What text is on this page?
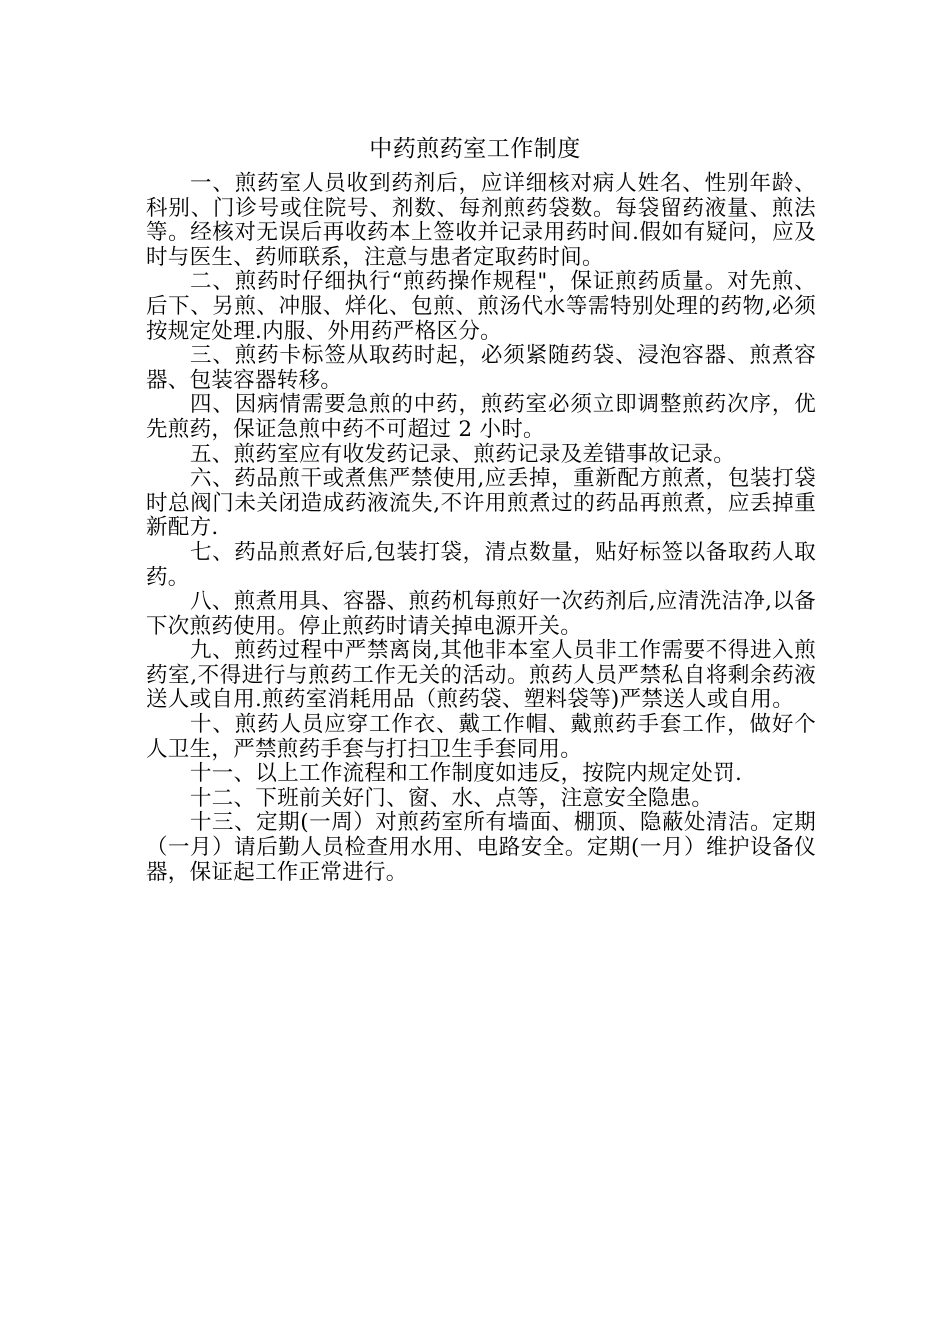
中药煎药室工作制度

一、煎药室人员收到药剂后，应详细核对病人姓名、性别年龄、科别、门诊号或住院号、剂数、每剂煎药袋数。每袋留药液量、煎法等。经核对无误后再收药本上签收并记录用药时间.假如有疑问，应及时与医生、药师联系，注意与患者定取药时间。

二、煎药时仔细执行“煎药操作规程"，保证煎药质量。对先煎、后下、另煎、冲服、烊化、包煎、煎汤代水等需特别处理的药物,必须按规定处理.内服、外用药严格区分。

三、煎药卡标签从取药时起，必须紧随药袋、浸泡容器、煎煮容器、包装容器转移。

四、因病情需要急煎的中药，煎药室必须立即调整煎药次序，优先煎药，保证急煎中药不可超过 2 小时。

五、煎药室应有收发药记录、煎药记录及差错事故记录。

六、药品煎干或煮焦严禁使用,应丢掉，重新配方煎煮，包装打袋时总阀门未关闭造成药液流失,不许用煎煮过的药品再煎煮，应丢掉重新配方.

七、药品煎煮好后,包装打袋，清点数量，贴好标签以备取药人取药。

八、煎煮用具、容器、煎药机每煎好一次药剂后,应清洗洁净,以备下次煎药使用。停止煎药时请关掉电源开关。

九、煎药过程中严禁离岗,其他非本室人员非工作需要不得进入煎药室,不得进行与煎药工作无关的活动。煎药人员严禁私自将剩余药液送人或自用.煎药室消耗用品（煎药袋、塑料袋等)严禁送人或自用。

十、煎药人员应穿工作衣、戴工作帽、戴煎药手套工作，做好个人卫生，严禁煎药手套与打扫卫生手套同用。

十一、以上工作流程和工作制度如违反，按院内规定处罚.

十二、下班前关好门、窗、水、点等，注意安全隐患。

十三、定期(一周）对煎药室所有墙面、棚顶、隐蔽处清洁。定期（一月）请后勤人员检查用水用、电路安全。定期(一月）维护设备仪器，保证起工作正常进行。
